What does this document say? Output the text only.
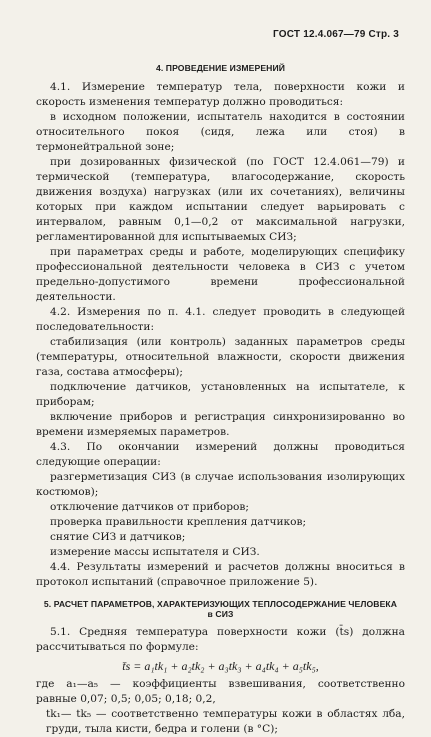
ГОСТ 12.4.067—79 Стр. 3
4. ПРОВЕДЕНИЕ ИЗМЕРЕНИЙ

4.1. Измерение температур тела, поверхности кожи и скорость изменения температур должно проводиться:

в исходном положении, испытатель находится в состоянии относительного покоя (сидя, лежа или стоя) в термонейтральной зоне;

при дозированных физической (по ГОСТ 12.4.061—79) и термической (температура, влагосодержание, скорость движения воздуха) нагрузках (или их сочетаниях), величины которых при каждом испытании следует варьировать с интервалом, равным 0,1—0,2 от максимальной нагрузки, регламентированной для испытываемых СИЗ;

при параметрах среды и работе, моделирующих специфику профессиональной деятельности человека в СИЗ с учетом предельно-допустимого времени профессиональной деятельности.

4.2. Измерения по п. 4.1. следует проводить в следующей последовательности:

стабилизация (или контроль) заданных параметров среды (температуры, относительной влажности, скорости движения газа, состава атмосферы);

подключение датчиков, установленных на испытателе, к приборам;

включение приборов и регистрация синхронизированно во времени измеряемых параметров.

4.3. По окончании измерений должны проводиться следующие операции:

разгерметизация СИЗ (в случае использования изолирующих костюмов);

отключение датчиков от приборов;

проверка правильности крепления датчиков;

снятие СИЗ и датчиков;

измерение массы испытателя и СИЗ.

4.4. Результаты измерений и расчетов должны вноситься в протокол испытаний (справочное приложение 5).

5. РАСЧЕТ ПАРАМЕТРОВ, ХАРАКТЕРИЗУЮЩИХ ТЕПЛОСОДЕРЖАНИЕ ЧЕЛОВЕКА
в СИЗ

5.1. Средняя температура поверхности кожи (t̄s) должна рассчитываться по формуле:

t̄s = a₁tk₁ + a₂tk₂ + a₃tk₃ + a₄tk₄ + a₅tk₅,

где a₁—a₅ — коэффициенты взвешивания, соответственно равные 0,07; 0,5; 0,05; 0,18; 0,2,

tk₁— tk₅ — соответственно температуры кожи в областях лба, груди, тыла кисти, бедра и голени (в °С);
